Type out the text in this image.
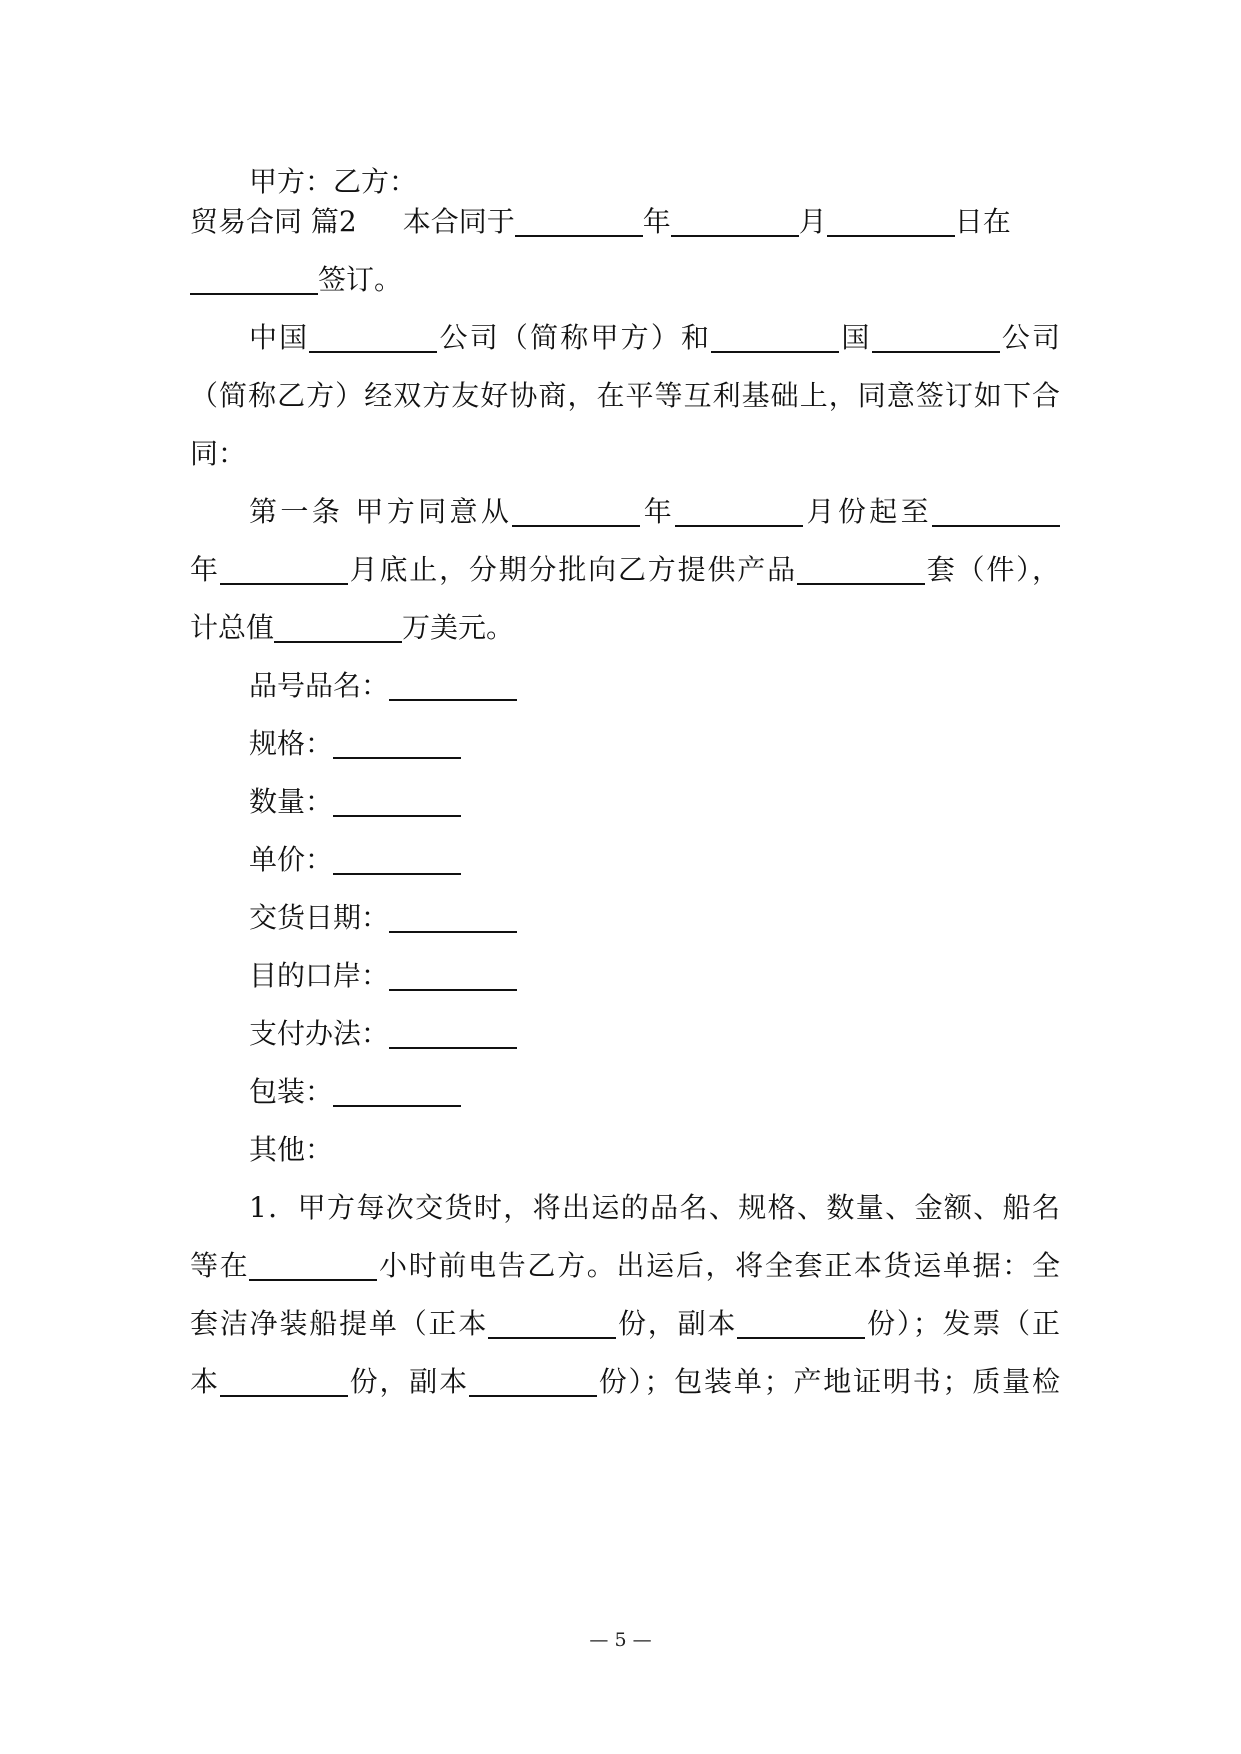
甲方：乙方：
贸易合同 篇2 本合同于	年	月	日在
签订。
中国	公司（简称甲方）和	国	公司
（简称乙方）经双方友好协商，在平等互利基础上，同意签订如下合
同：
第一条 甲方同意从	年	月份起至
年	月底止，分期分批向乙方提供产品	套（件），
计总值	万美元。
品号品名：
规格：
数量：
单价：
交货日期：
目的口岸：
支付办法：
包装：
其他：
1．甲方每次交货时，将出运的品名、规格、数量、金额、船名
等在	小时前电告乙方。出运后，将全套正本货运单据：全
套洁净装船提单（正本	份，副本	份）；发票（正
本	份，副本	份）；包装单；产地证明书；质量检
— 5 —
